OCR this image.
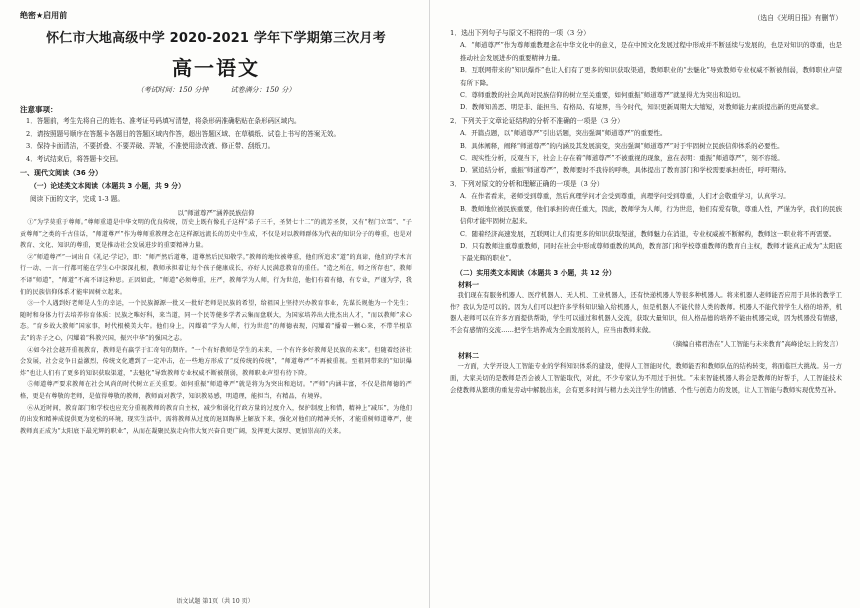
绝密★启用前
怀仁市大地高级中学 2020-2021 学年下学期第三次月考
高一语文
（考试时间：150 分钟	试卷满分：150 分）
注意事项：
1．答题前，考生先将自己的姓名、准考证号码填写清楚，将条形码准确粘贴在条形码区域内。
2．请按照题号顺序在答题卡各题目的答题区域内作答，超出答题区域、在草稿纸、试卷上书写的答案无效。
3．保持卡面清洁，不要折叠、不要弄破、弄皱，不准使用涂改液、修正带、刮纸刀。
4．考试结束后，将答题卡交回。
一、现代文阅读（36 分）
（一）论述类文本阅读（本题共 3 小题，共 9 分）
阅读下面的文字，完成 1-3 题。
以“师道尊严”涵养民族信仰

①“为学莫重于尊师。”尊师重道是中华文明的优良传统，历史上既有像孔子这样“弟子三千，圣贤七十二”的流芳圣贤，又有“程门立雪”、“子贡尊师”之类的千古佳话，“师道尊严”作为尊师重教理念在这样源远流长的历史中生成，不仅是对以教师群体为代表的知识分子的尊重，也是对教育、文化、知识的尊重，更是推动社会发展进步的重要精神力量。

②“师道尊严”一词出自《礼记·学记》，即：“师严然后道尊，道尊然后民知敬学。”教师的地位被尊重，他们所追求“道”的真谛，他们的学术言行一动、一言一行都可能在学生心中深深扎根，教师承担着让每个孩子健康成长，亦好人民满意教育的重任。“造之所在，师之所存也”，教师不译“师道”，“师道”不离不译这种思。正因如此，“师道”必须尊重，庄严，教师学为人师，行为世范，他们有着有德，有专业，严谨为学，我们的民族信仰体系才能牢固树立起来。

③一个人遇到好老师是人生的幸运，一个民族源源一批又一批好老师是民族的希望，给祖国上坚持兴办教育事业，先谋长规他为一个先生；随时和身体力行去培养你育体质：民族之唯好科，来当道，同一个民等健多学者云集而盘联大，为国家培养出大批杰出人才，“而以教师”求心态。“育乡故大教师”国家事，时代根模美大年。他们身上，闪耀着“学为人师，行为世范”的师德表现，闪耀着“播着一颗心来，不带半根草去”的赤子之心，闪耀着“科教兴国，振兴中华”的强国之志。

④如今社会越开重视教育，教师是有赢学于汇奇句的期许。“一个有好教师是学生的未来，一个有许多好教师是民族的未来”。但随着经济社会发展，社会竞争日益激烈，传统文化遭到了一定冲击，在一些地方形成了“反传统的传统”，“师道尊严”不再被重视。至祖同带来的“知识爆炸”也让人们有了更多的知识获取渠道，“去魅化”导致教师专业权威不断被削弱，教师职业声望有待下降。

⑤师道尊严要求教师在社会风尚的时代树立正关重要。如何重振“师道尊严”就是将为为突出和追切。“严师”内涵丰富，不仅是指师德的严格，更是有尊敬的老师，是值得尊敬的教师，教师面对教学，知识教易感，明道理，能担当，有精品，有境界。

⑥从近时间，教育部门和学校也应充分重视教师的教育自主权，减少和弱化行政方量的过度介入，保护制度上和惜，精神上“减压”，为他们的出发和精神成提供更为宽松的环境，现实生活中，需将教师从过度的退回陶界上解放下来，强化对他们的精神关怀，才能重树师道尊严，使教师真正成为“太阳底下最光辉的职业”，从而在凝聚民族走向伟大复兴奋自更广阔，发挥更大深厚、更加崇高的关来。

语文试题 第1页（共 10 页）
（选自《光明日报》有删节）
1．选出下列句子与原文不相符的一项（3 分）
A．“师道尊严”作为尊师重教理念在中华文化中的意义，是在中国文化发展过程中形成并不断延续与发展的，也是对知识的尊重，也是推动社会发展进步的重要精神力量。
B．互联网带来的“知识爆炸”也让人们有了更多的知识获取渠道，教师职业的“去魅化”导致教师专业权威不断被削弱，教师职业声望有所下降。
C．尊师重教的社会风尚对民族信仰的树立至关重要，如何重振“师道尊严”就显得尤为突出和迫切。
D．教师知善恶、明是非、能担当、有格局、有境界，当今时代，知识更新周期大大缩短，对教师能力素质提出新的更高要求。
2．下列关于文章论证结构的分析不准确的一项是（3 分）
A．开篇点题，以“师道尊严”引出话题，突出强调“师道尊严”的重要性。
B．具体阐释，阐释“师道尊严”的内涵及其发展演变，突出强调“师道尊严”对于牢固树立民族信仰体系的必要性。
C．现实性分析，反观当下，社会上存在着“师道尊严”不被重视的现象，意在表明：重振“师道尊严”，刻不容缓。
D．紧追结分析，重振“师道尊严”，教师要时不我待的呼唤，具体提出了教育部门和学校需要承担责任，呼吁期待。
3．下列对原文的分析和理解正确的一项是（3 分）
A．在作者看来，老师受到尊重，然后真理学问才会受到尊重，真理学问受到尊重，人们才会敬重学习，认真学习。
B．教师地位被民族重要，他们承担的责任重大，因此，教师学为人师，行为世范，他们有爱有敬，尊重人性，严谨为学，我们的民族信仰才能牢固树立起来。
C．随着经济高速发展，互联网让人们有更多的知识获取渠道，教师魅力在消退，专业权威被不断解构，教师这一职业将不再需要。
D．只有教师注重尊重教师，同时在社会中形成尊师重教的风尚，教育部门和学校尊重教师的教育自主权，教师才能真正成为“太阳底下最光辉的职业”。
（二）实用类文本阅读（本题共 3 小题，共 12 分）
材料一

我们现在有服务机器人、医疗机器人、无人机、工业机器人，还有快递机器人等很多种机器人。将来机器人老师能否应用于具体的教学工作？我认为是可以的。因为人们可以把许多学科知识输入给机器人，但是机器人不能代替人类的教师。机器人不能代替学生人格的培养，机器人老师可以在许多方面提供帮助，学生可以通过和机器人交流，获取大量知识，但人格品德的培养不能由机器完成，因为机器没有情感，不会有感情的交流……把学生培养成为全面发展的人，应当由教师来做。

（摘编自褚君浩在“人工智能与未来教育”高峰论坛上的发言）
材料二

一方面，大学开设人工智能专业的学科知识体系的建设，使得人工智能时代，教师能否和教师队伍的结构转变，将面临巨大挑战。另一方面，大家关切的是教师是否会被人工智能取代，对此，不少专家认为不用过于担忧。“未来智能机器人将会是教师的好帮手，人工智能技术会使教师从繁琐的重复劳动中解脱出来，会有更多时间与精力去关注学生的情感、个性与创造力的发展，让人工智能与教师实现优势互补。
